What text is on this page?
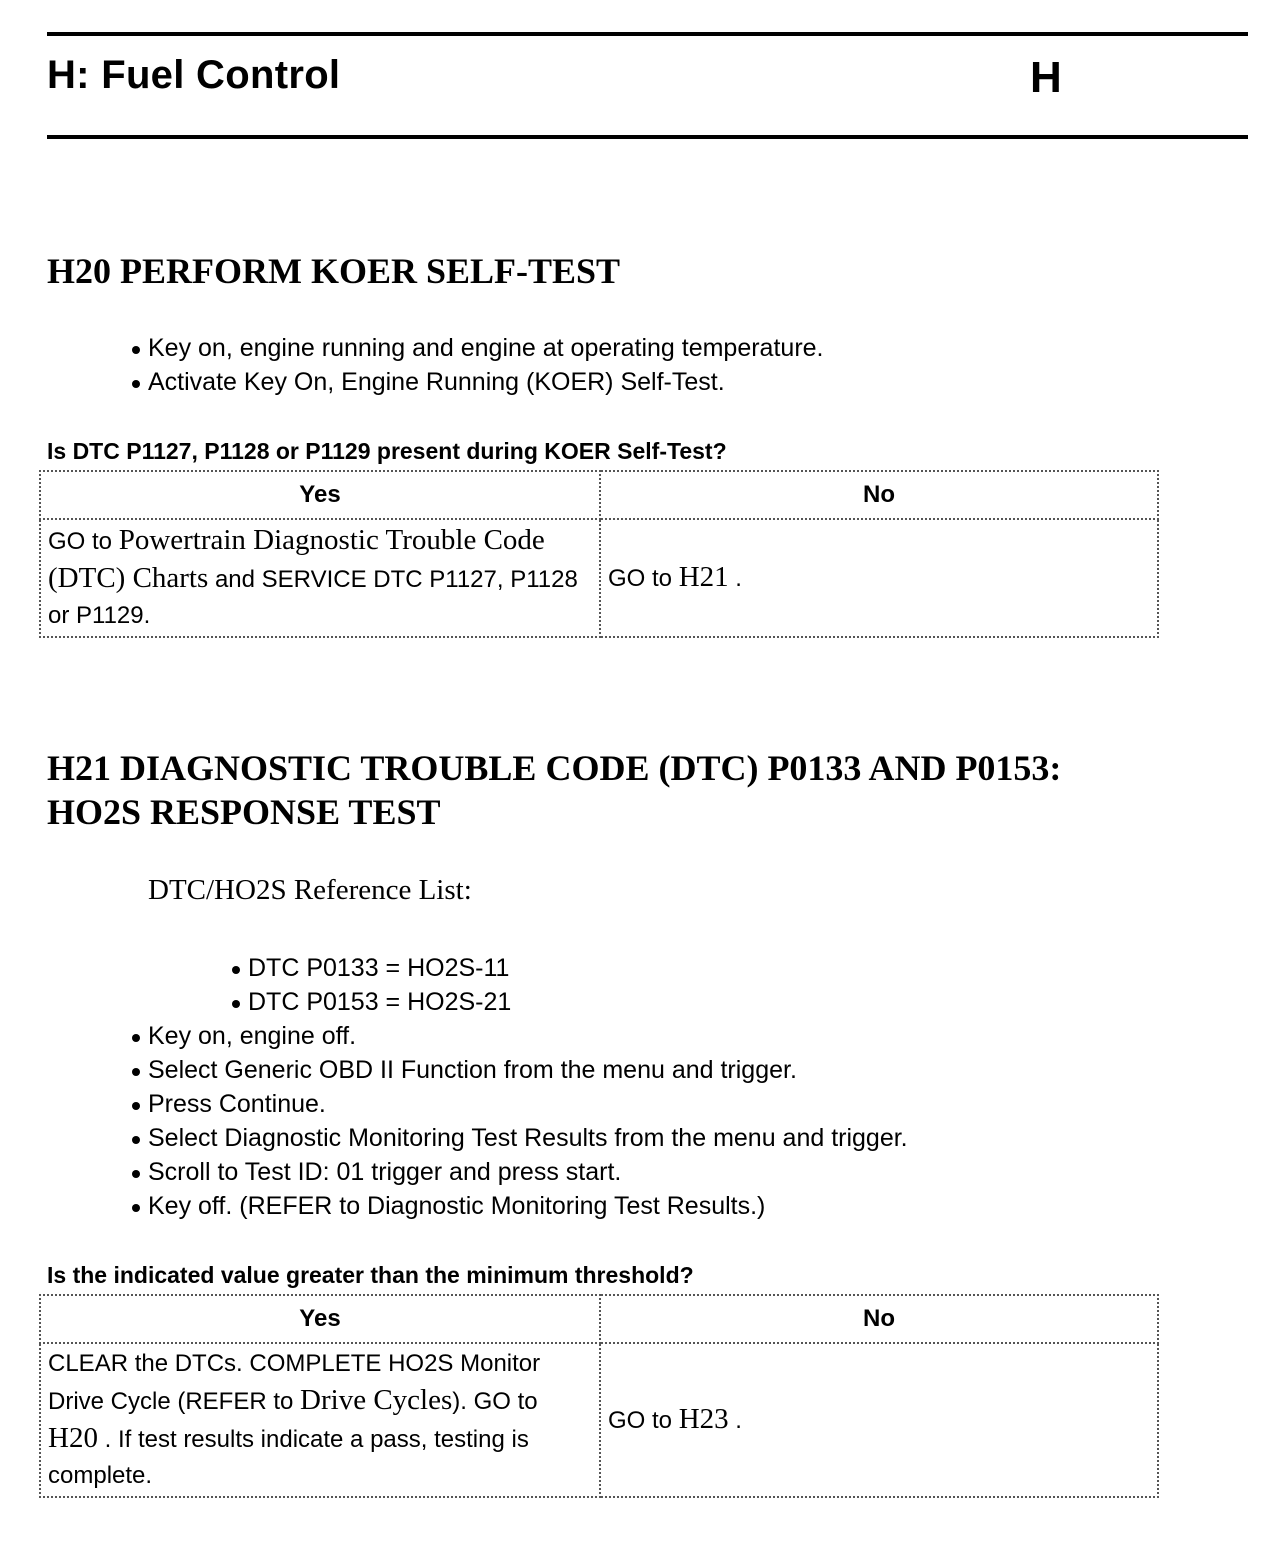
H: Fuel Control	H
H20 PERFORM KOER SELF-TEST
Key on, engine running and engine at operating temperature.
Activate Key On, Engine Running (KOER) Self-Test.
Is DTC P1127, P1128 or P1129 present during KOER Self-Test?
Yes	No
GO to Powertrain Diagnostic Trouble Code (DTC) Charts and SERVICE DTC P1127, P1128 or P1129.	GO to H21 .
H21 DIAGNOSTIC TROUBLE CODE (DTC) P0133 AND P0153:
HO2S RESPONSE TEST
DTC/HO2S Reference List:
DTC P0133 = HO2S-11
DTC P0153 = HO2S-21
Key on, engine off.
Select Generic OBD II Function from the menu and trigger.
Press Continue.
Select Diagnostic Monitoring Test Results from the menu and trigger.
Scroll to Test ID: 01 trigger and press start.
Key off. (REFER to Diagnostic Monitoring Test Results.)
Is the indicated value greater than the minimum threshold?
Yes	No
CLEAR the DTCs. COMPLETE HO2S Monitor Drive Cycle (REFER to Drive Cycles). GO to H20 . If test results indicate a pass, testing is complete.	GO to H23 .
